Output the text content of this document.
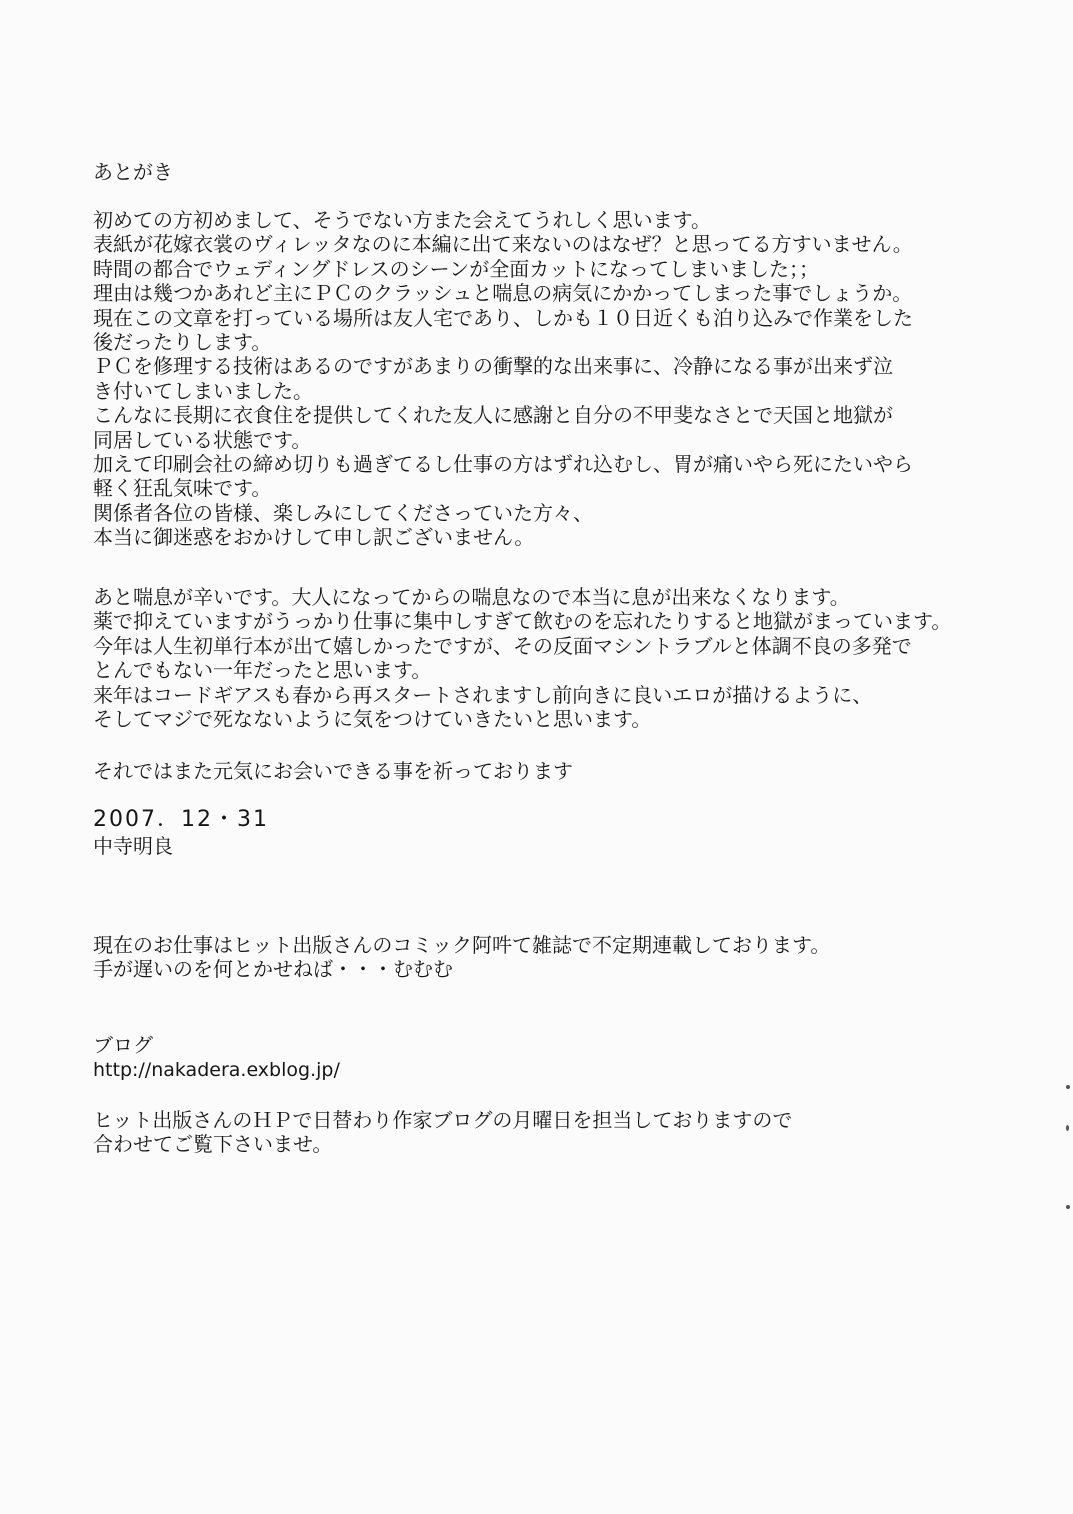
あとがき
初めての方初めまして、そうでない方また会えてうれしく思います。
表紙が花嫁衣裳のヴィレッタなのに本編に出て来ないのはなぜ？と思ってる方すいません。
時間の都合でウェディングドレスのシーンが全面カットになってしまいました；；
理由は幾つかあれど主にＰＣのクラッシュと喘息の病気にかかってしまった事でしょうか。
現在この文章を打っている場所は友人宅であり、しかも１０日近くも泊り込みで作業をした
後だったりします。
ＰＣを修理する技術はあるのですがあまりの衝撃的な出来事に、冷静になる事が出来ず泣
き付いてしまいました。
こんなに長期に衣食住を提供してくれた友人に感謝と自分の不甲斐なさとで天国と地獄が
同居している状態です。
加えて印刷会社の締め切りも過ぎてるし仕事の方はずれ込むし、胃が痛いやら死にたいやら
軽く狂乱気味です。
関係者各位の皆様、楽しみにしてくださっていた方々、
本当に御迷惑をおかけして申し訳ございません。
あと喘息が辛いです。大人になってからの喘息なので本当に息が出来なくなります。
薬で抑えていますがうっかり仕事に集中しすぎて飲むのを忘れたりすると地獄がまっています。
今年は人生初単行本が出て嬉しかったですが、その反面マシントラブルと体調不良の多発で
とんでもない一年だったと思います。
来年はコードギアスも春から再スタートされますし前向きに良いエロが描けるように、
そしてマジで死なないように気をつけていきたいと思います。
それではまた元気にお会いできる事を祈っております
2007．12・31
中寺明良
現在のお仕事はヒット出版さんのコミック阿吽て雑誌で不定期連載しております。
手が遅いのを何とかせねば・・・むむむ
ブログ
http://nakadera.exblog.jp/
ヒット出版さんのＨＰで日替わり作家ブログの月曜日を担当しておりますので
合わせてご覧下さいませ。
